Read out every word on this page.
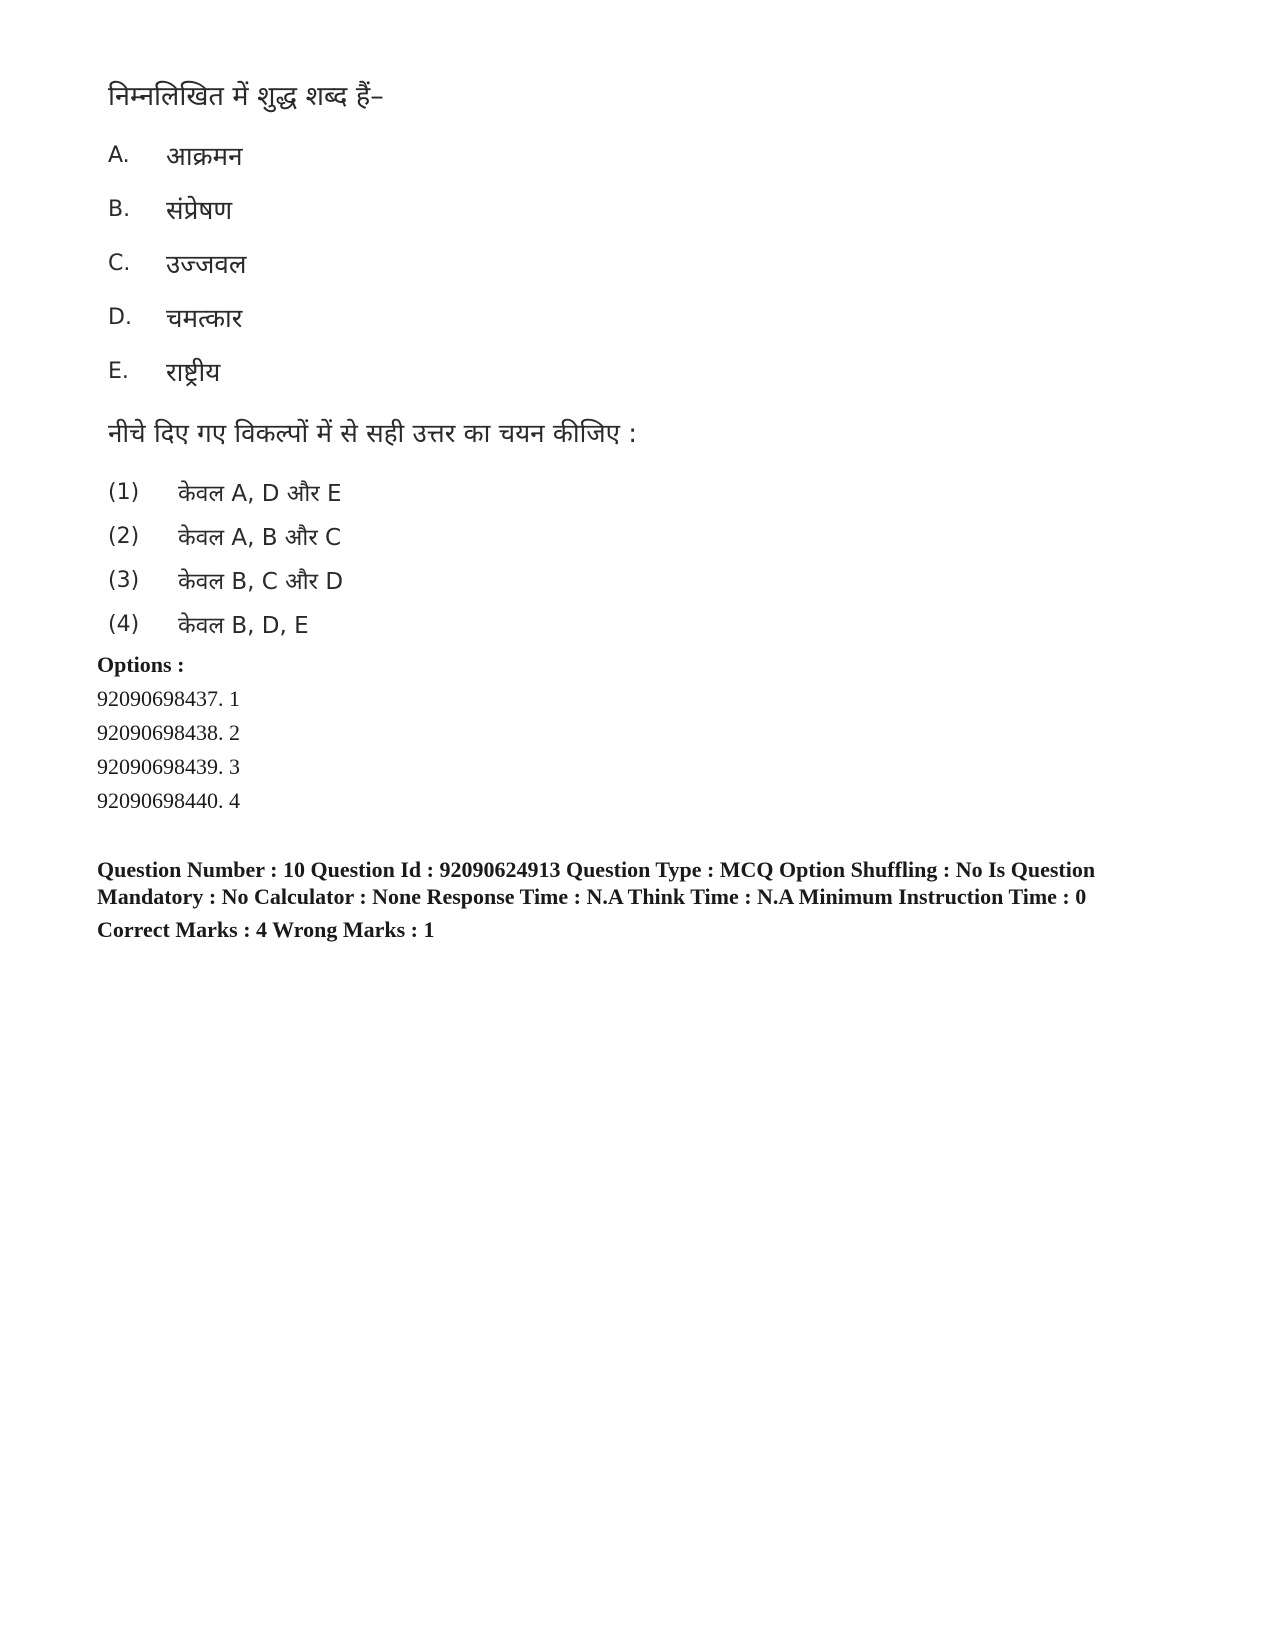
निम्नलिखित में शुद्ध शब्द हैं–
A.	आक्रमन
B.	संप्रेषण
C.	उज्जवल
D.	चमत्कार
E.	राष्ट्रीय
नीचे दिए गए विकल्पों में से सही उत्तर का चयन कीजिए :
(1)	केवल A, D और E
(2)	केवल A, B और C
(3)	केवल B, C और D
(4)	केवल B, D, E
Options :
92090698437. 1
92090698438. 2
92090698439. 3
92090698440. 4
Question Number : 10 Question Id : 92090624913 Question Type : MCQ Option Shuffling : No Is Question Mandatory : No Calculator : None Response Time : N.A Think Time : N.A Minimum Instruction Time : 0
Correct Marks : 4 Wrong Marks : 1
